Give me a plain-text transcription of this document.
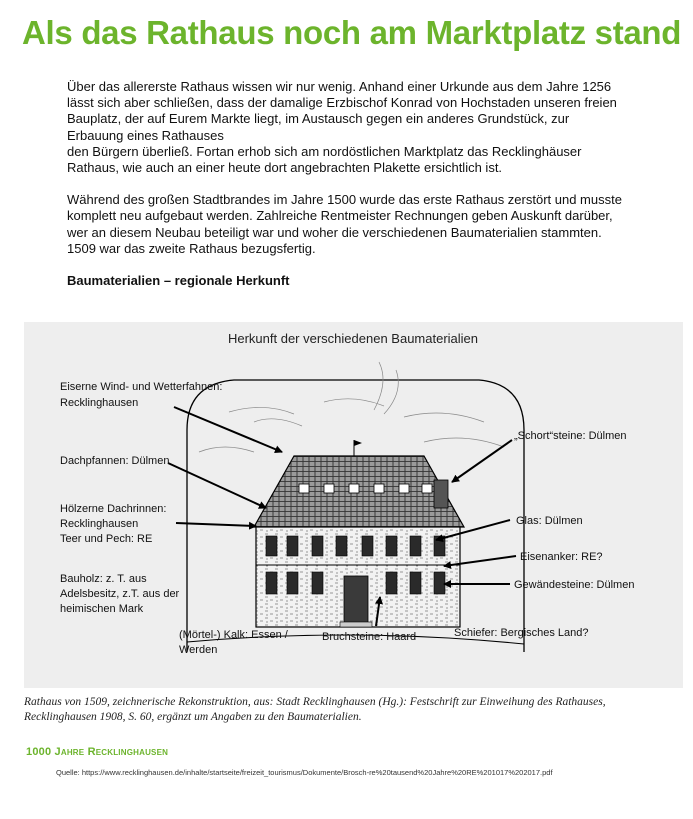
Als das Rathaus noch am Marktplatz stand

Über das allererste Rathaus wissen wir nur wenig. Anhand einer Urkunde aus dem Jahre 1256

lässt sich aber schließen, dass der damalige Erzbischof Konrad von Hochstaden unseren freien

Bauplatz, der auf Eurem Markte liegt, im Austausch gegen ein anderes Grundstück, zur

Erbauung eines Rathauses

den Bürgern überließ. Fortan erhob sich am nordöstlichen Marktplatz das Recklinghäuser

Rathaus, wie auch an einer heute dort angebrachten Plakette ersichtlich ist.

Während des großen Stadtbrandes im Jahre 1500 wurde das erste Rathaus zerstört und musste

komplett neu aufgebaut werden. Zahlreiche Rentmeister Rechnungen geben Auskunft darüber,

wer an diesem Neubau beteiligt war und woher die verschiedenen Baumaterialien stammten.

1509 war das zweite Rathaus bezugsfertig.

Baumaterialien – regionale Herkunft

Herkunft der verschiedenen Baumaterialien
Eiserne Wind- und Wetterfahnen:
Recklinghausen
Dachpfannen: Dülmen
Hölzerne Dachrinnen:
Recklinghausen
Teer und Pech: RE
Bauholz: z. T. aus
Adelsbesitz, z.T. aus der
heimischen Mark
(Mörtel-) Kalk: Essen /
Werden
Bruchsteine: Haard
„Schort“steine: Dülmen
Glas: Dülmen
Eisenanker: RE?
Gewändesteine: Dülmen
Schiefer: Bergisches Land?
Rathaus von 1509, zeichnerische Rekonstruktion, aus: Stadt Recklinghausen (Hg.): Festschrift zur Einweihung des Rathauses,
Recklinghausen 1908, S. 60, ergänzt um Angaben zu den Baumaterialien.
1000 Jahre Recklinghausen
Quelle: https://www.recklinghausen.de/inhalte/startseite/freizeit_tourismus/Dokumente/Brosch-re%20tausend%20Jahre%20RE%201017%202017.pdf
